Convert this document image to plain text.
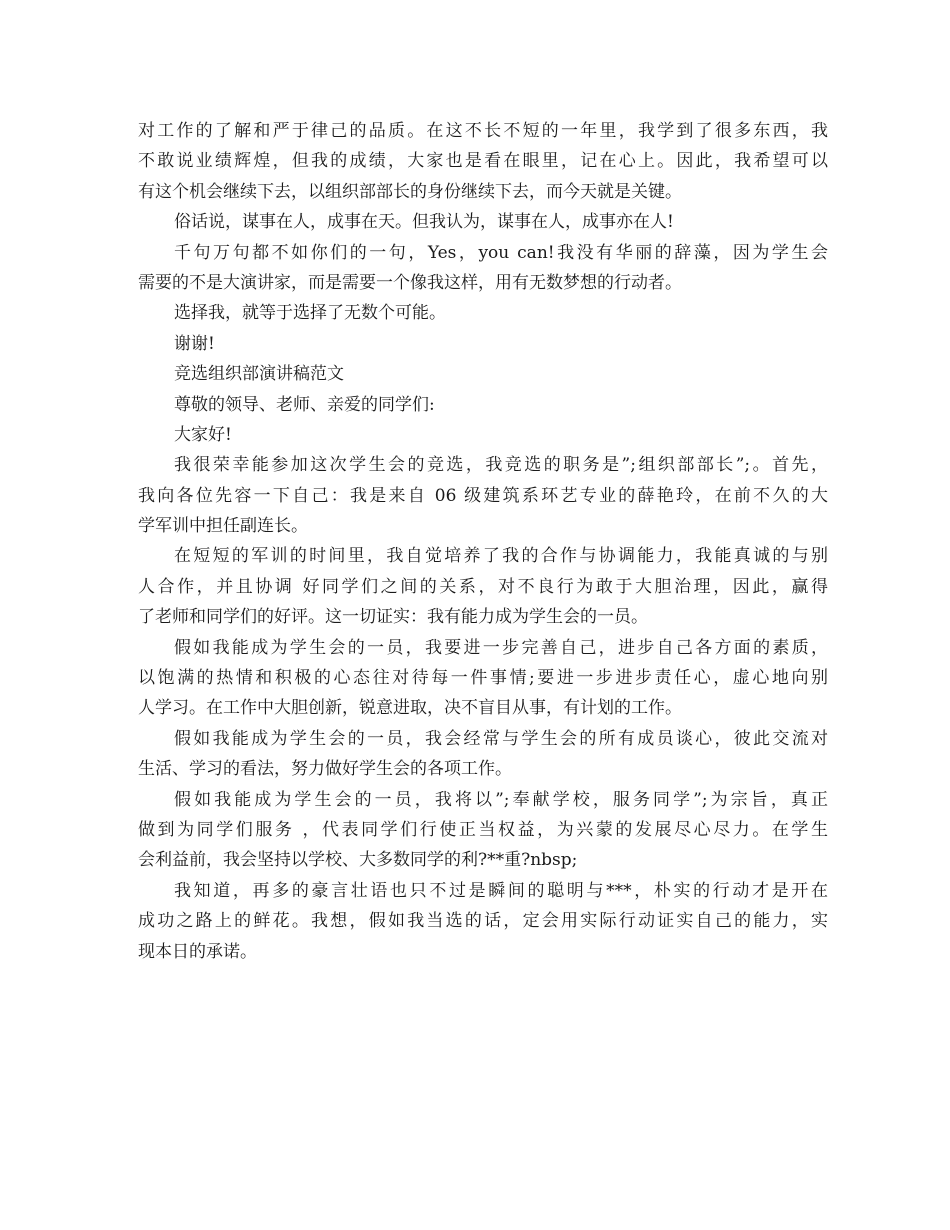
对工作的了解和严于律己的品质。在这不长不短的一年里，我学到了很多东西，我
不敢说业绩辉煌，但我的成绩，大家也是看在眼里，记在心上。因此，我希望可以
有这个机会继续下去，以组织部部长的身份继续下去，而今天就是关键。
俗话说，谋事在人，成事在天。但我认为，谋事在人，成事亦在人!
千句万句都不如你们的一句，Yes，you can!我没有华丽的辞藻，因为学生会
需要的不是大演讲家，而是需要一个像我这样，用有无数梦想的行动者。
选择我，就等于选择了无数个可能。
谢谢!
竞选组织部演讲稿范文
尊敬的领导、老师、亲爱的同学们:
大家好!
我很荣幸能参加这次学生会的竞选，我竞选的职务是”;组织部部长”;。首先，
我向各位先容一下自己：我是来自 06 级建筑系环艺专业的薛艳玲，在前不久的大
学军训中担任副连长。
在短短的军训的时间里，我自觉培养了我的合作与协调能力，我能真诚的与别
人合作，并且协调 好同学们之间的关系，对不良行为敢于大胆治理，因此，赢得
了老师和同学们的好评。这一切证实：我有能力成为学生会的一员。
假如我能成为学生会的一员，我要进一步完善自己，进步自己各方面的素质，
以饱满的热情和积极的心态往对待每一件事情;要进一步进步责任心，虚心地向别
人学习。在工作中大胆创新，锐意进取，决不盲目从事，有计划的工作。
假如我能成为学生会的一员，我会经常与学生会的所有成员谈心，彼此交流对
生活、学习的看法，努力做好学生会的各项工作。
假如我能成为学生会的一员，我将以”;奉献学校，服务同学”;为宗旨，真正
做到为同学们服务 ，代表同学们行使正当权益，为兴蒙的发展尽心尽力。在学生
会利益前，我会坚持以学校、大多数同学的利?**重?nbsp;
我知道，再多的豪言壮语也只不过是瞬间的聪明与***，朴实的行动才是开在
成功之路上的鲜花。我想，假如我当选的话，定会用实际行动证实自己的能力，实
现本日的承诺。
